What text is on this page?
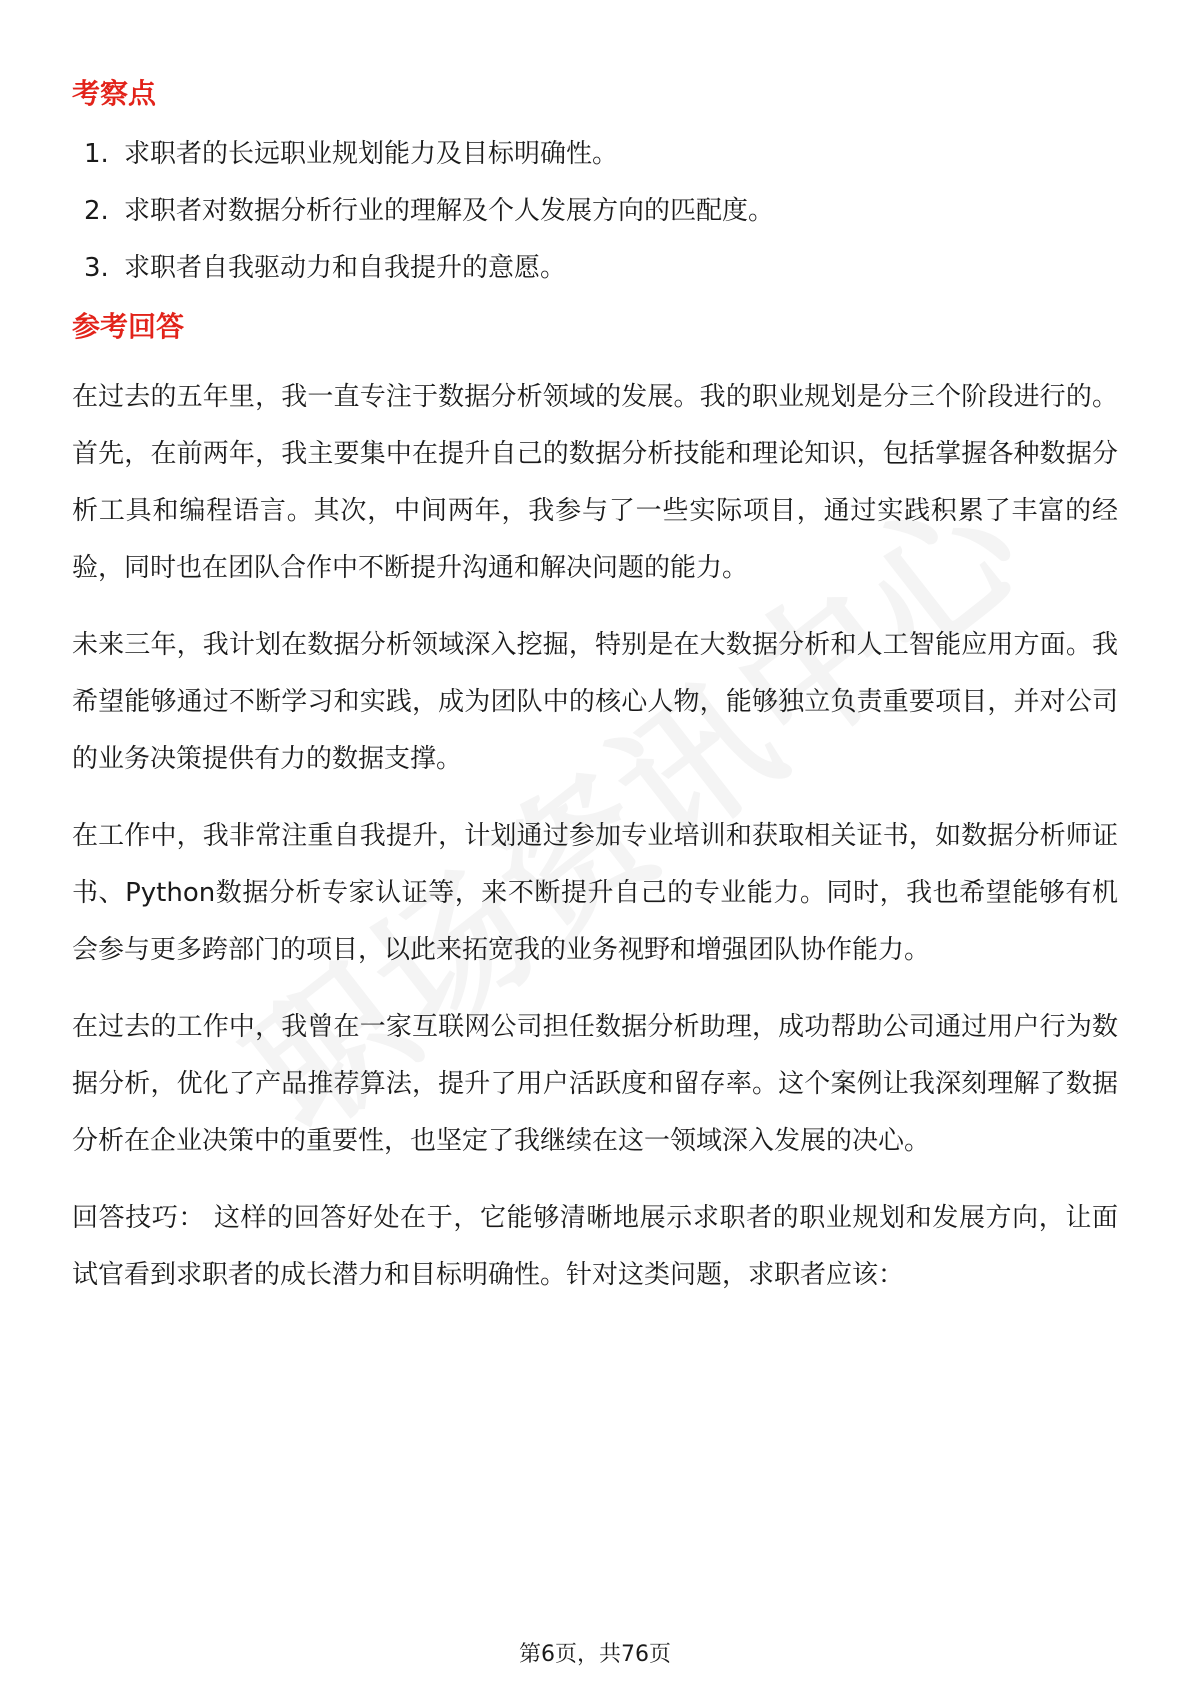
考察点
1. 求职者的长远职业规划能力及目标明确性。
2. 求职者对数据分析行业的理解及个人发展方向的匹配度。
3. 求职者自我驱动力和自我提升的意愿。
参考回答

在过去的五年里，我一直专注于数据分析领域的发展。我的职业规划是分三个阶段进行的。首先，在前两年，我主要集中在提升自己的数据分析技能和理论知识，包括掌握各种数据分析工具和编程语言。其次，中间两年，我参与了一些实际项目，通过实践积累了丰富的经验，同时也在团队合作中不断提升沟通和解决问题的能力。

未来三年，我计划在数据分析领域深入挖掘，特别是在大数据分析和人工智能应用方面。我希望能够通过不断学习和实践，成为团队中的核心人物，能够独立负责重要项目，并对公司的业务决策提供有力的数据支撑。

在工作中，我非常注重自我提升，计划通过参加专业培训和获取相关证书，如数据分析师证书、Python数据分析专家认证等，来不断提升自己的专业能力。同时，我也希望能够有机会参与更多跨部门的项目，以此来拓宽我的业务视野和增强团队协作能力。

在过去的工作中，我曾在一家互联网公司担任数据分析助理，成功帮助公司通过用户行为数据分析，优化了产品推荐算法，提升了用户活跃度和留存率。这个案例让我深刻理解了数据分析在企业决策中的重要性，也坚定了我继续在这一领域深入发展的决心。

回答技巧： 这样的回答好处在于，它能够清晰地展示求职者的职业规划和发展方向，让面试官看到求职者的成长潜力和目标明确性。针对这类问题，求职者应该：

第6页，共76页
